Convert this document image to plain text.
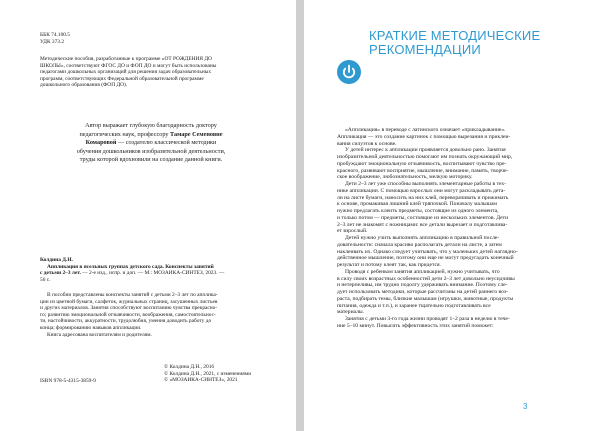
ББК 74.100.5
УДК 373.2
Методические пособия, разработанные к программе «ОТ РОЖДЕНИЯ ДО
ШКОЛЫ», соответствуют ФГОС ДО и ФОП ДО и могут быть использованы
педагогами дошкольных организаций для решения задач образовательных
программ, соответствующих Федеральной образовательной программе
дошкольного образования (ФОП ДО).
Автор выражает глубокую благодарность доктору
педагогических наук, профессору Тамаре Семеновне
Комаровой — создателю классической методики
обучения дошкольников изобразительной деятельности,
труды которой вдохновили на создание данной книги.
Колдина Д.Н.
Аппликация в ясельных группах детского сада. Конспекты занятий
с детьми 2–3 лет. — 2-е изд., испр. и доп. — М.: МОЗАИКА-СИНТЕЗ, 2023. —
56 с.
В пособии представлены конспекты занятий с детьми 2–3 лет по апплика-
ции из цветной бумаги, салфеток, журнальных страниц, засушенных листьев
и других материалов. Занятия способствуют воспитанию чувства прекрасно-
го; развитию эмоциональной отзывчивости, воображения, самостоятельнос-
ти, настойчивости, аккуратности, трудолюбия, умения доводить работу до
конца; формированию навыков аппликации.
Книга адресована воспитателям и родителям.
© Колдина Д.Н., 2016
© Колдина Д.Н., 2021, с изменениями
© «МОЗАИКА-СИНТЕЗ», 2021
ISBN 978-5-4315-3859-9
КРАТКИЕ МЕТОДИЧЕСКИЕ
РЕКОМЕНДАЦИИ
«Аппликация» в переводе с латинского означает «прикладывание».
Аппликация — это создание картинок с помощью вырезания и приклеи-
вания силуэтов к основе.
У детей интерес к аппликации проявляется довольно рано. Занятия
изобразительной деятельностью помогают им познать окружающий мир,
пробуждают эмоциональную отзывчивость, воспитывают чувство пре-
красного, развивают восприятие, мышление, внимание, память, творче-
ское воображение, любознательность, мелкую моторику.
Дети 2–3 лет уже способны выполнять элементарные работы в тех-
нике аппликации. С помощью взрослых они могут раскладывать дета-
ли на листе бумаги, наносить на них клей, переворачивать и прижимать
к основе, промакивая лишний клей тряпочкой. Поначалу малышам
нужно предлагать клеить предметы, состоящие из одного элемента,
и только потом — предметы, состоящие из нескольких элементов. Дети
2–3 лет не знакомят с ножницами: все детали вырезает и подготавлива-
ет взрослый.
Детей нужно учить выполнять аппликацию в правильной после-
довательности: сначала красиво располагать детали на листе, а затем
наклеивать их. Однако следует учитывать, что у маленьких детей наглядно-
действенное мышление, поэтому они еще не могут предугадать конечный
результат и потому клеят так, как придется.
Проводя с ребенком занятия аппликацией, нужно учитывать, что
в силу своих возрастных особенностей дети 2–3 лет довольно неусидчивы
и нетерпеливы, им трудно подолгу удерживать внимание. Поэтому сле-
дует использовать методики, которые рассчитаны на детей раннего воз-
раста, подбирать темы, близкие малышам (игрушки, животные, продукты
питания, одежда и т.п.), и заранее тщательно подготавливать все
материалы.
Занятия с детьми 3-го года жизни проводят 1–2 раза в неделю в тече-
ние 5–10 минут. Повысить эффективность этих занятий поможет:
3
